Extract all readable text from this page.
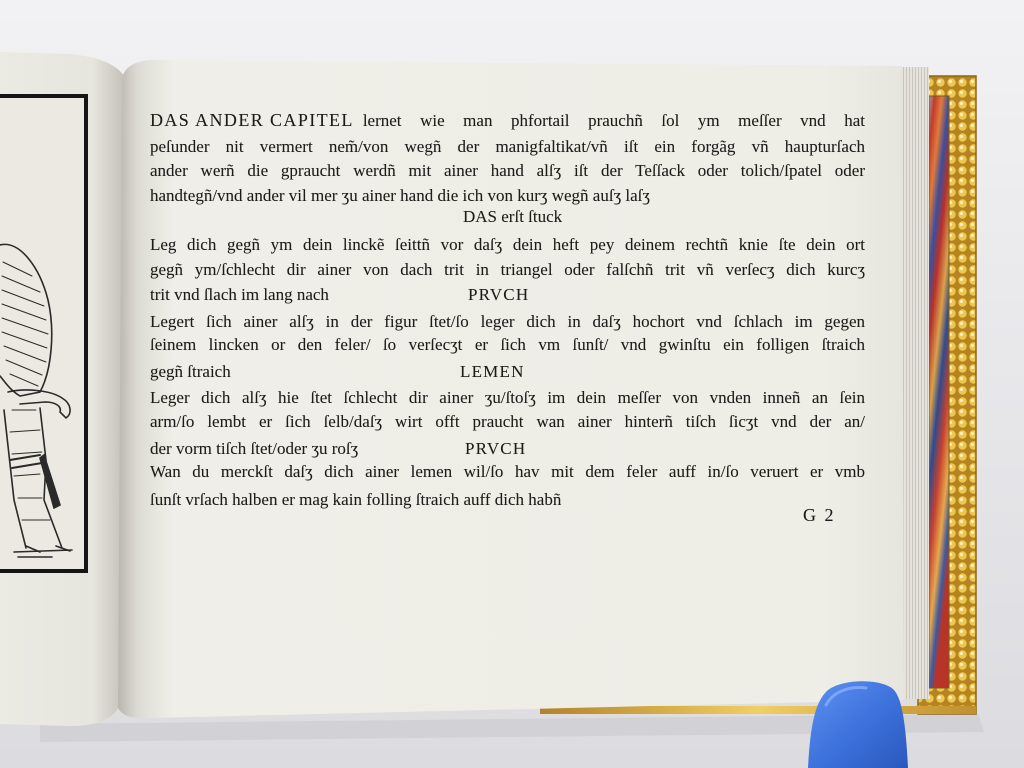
DAS ANDER CAPITEL lernet wie man phfortail prauchñ ſol ym meſſer vnd hat
peſunder nit vermert nem̃/von wegñ der manigfaltikat/vñ iſt ein forgãg vñ haupturſach
ander werñ die gpraucht werdñ mit ainer hand alſʒ iſt der Teſſack oder tolich/ſpatel oder
handtegñ/vnd ander vil mer ʒu ainer hand die ich von kurʒ wegñ auſʒ laſʒ
DAS erſt ſtuck
Leg dich gegñ ym dein linckẽ ſeittñ vor daſʒ dein heft pey deinem rechtñ knie ſte dein ort
gegñ ym/ſchlecht dir ainer von dach trit in triangel oder falſchñ trit vñ verſecʒ dich kurcʒ
trit vnd ſlach im lang nach	PRVCH
Legert ſich ainer alſʒ in der figur ſtet/ſo leger dich in daſʒ hochort vnd ſchlach im gegen
ſeinem lincken or den feler/ ſo verſecʒt er ſich vm ſunſt/ vnd gwinſtu ein folligen ſtraich
gegñ ſtraich	LEMEN
Leger dich alſʒ hie ſtet ſchlecht dir ainer ʒu/ſtoſʒ im dein meſſer von vnden inneñ an ſein
arm/ſo lembt er ſich ſelb/daſʒ wirt offt praucht wan ainer hinterñ tiſch ſicʒt vnd der an/
der vorm tiſch ſtet/oder ʒu roſʒ	PRVCH
Wan du merckſt daſʒ dich ainer lemen wil/ſo hav mit dem feler auff in/ſo veruert er vmb
ſunſt vrſach halben er mag kain folling ſtraich auff dich habñ
G 2
